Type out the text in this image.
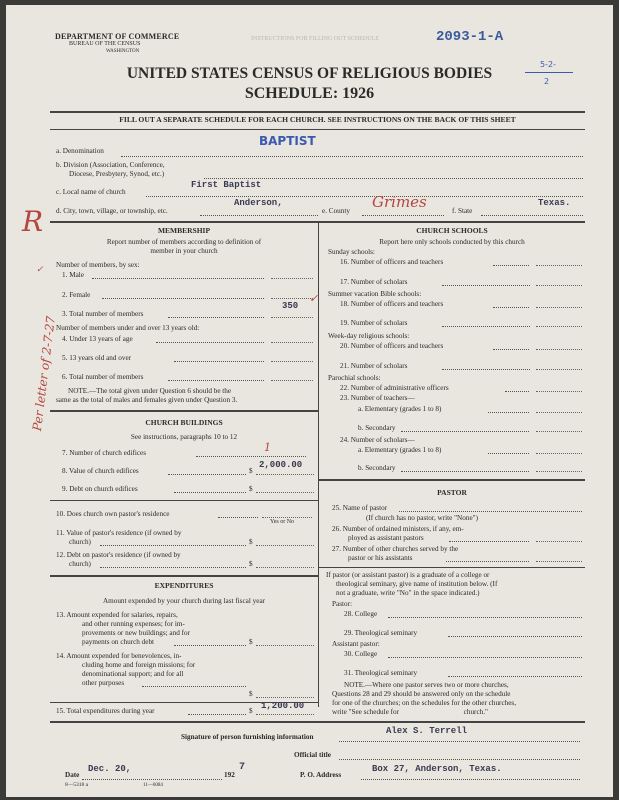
DEPARTMENT OF COMMERCE
BUREAU OF THE CENSUS
WASHINGTON
INSTRUCTIONS FOR FILLING OUT SCHEDULE	2093-1-A
5-2-
2
UNITED STATES CENSUS OF RELIGIOUS BODIES
SCHEDULE: 1926
FILL OUT A SEPARATE SCHEDULE FOR EACH CHURCH. SEE INSTRUCTIONS ON THE BACK OF THIS SHEET
a. Denomination
BAPTIST
b. Division (Association, Conference,
Diocese, Presbytery, Synod, etc.)
c. Local name of church
First Baptist
d. City, town, village, or township, etc.
Anderson,
e. County Grimes	f. State
Texas.
MEMBERSHIP
Report number of members according to definition of
member in your church
Number of members, by sex:
1. Male
2. Female
3. Total number of members
350
✓
Number of members under and over 13 years old:
4. Under 13 years of age
5. 13 years old and over
6. Total number of members
NOTE.—The total given under Question 6 should be the
same as the total of males and females given under Question 3.
CHURCH BUILDINGS
See instructions, paragraphs 10 to 12
7. Number of church edifices	1
8. Value of church edifices	$
2,000.00
9. Debt on church edifices	$
10. Does church own pastor's residence
Yes or No
11. Value of pastor's residence (if owned by
church)	$
12. Debt on pastor's residence (if owned by
church)	$
EXPENDITURES
Amount expended by your church during last fiscal year
13. Amount expended for salaries, repairs,
and other running expenses; for im-
provements or new buildings; and for
payments on church debt	$
14. Amount expended for benevolences, in-
cluding home and foreign missions; for
denominational support; and for all
other purposes
$
15. Total expenditures during year	$ 1,200.00
CHURCH SCHOOLS
Report here only schools conducted by this church
Sunday schools:
16. Number of officers and teachers
17. Number of scholars
Summer vacation Bible schools:
18. Number of officers and teachers
19. Number of scholars
Week-day religious schools:
20. Number of officers and teachers
21. Number of scholars
Parochial schools:
22. Number of administrative officers
23. Number of teachers—
a. Elementary (grades 1 to 8)
b. Secondary
24. Number of scholars—
a. Elementary (grades 1 to 8)
b. Secondary
PASTOR
25. Name of pastor
(If church has no pastor, write "None")
26. Number of ordained ministers, if any, em-
ployed as assistant pastors
27. Number of other churches served by the
pastor or his assistants
If pastor (or assistant pastor) is a graduate of a college or
theological seminary, give name of institution below. (If
not a graduate, write "No" in the space indicated.)
Pastor:
28. College
29. Theological seminary
Assistant pastor:
30. College
31. Theological seminary
NOTE.—Where one pastor serves two or more churches,
Questions 28 and 29 should be answered only on the schedule
for one of the churches; on the schedules for the other churches,
write "See schedule for                                    church."
Signature of person furnishing information
Alex S. Terrell
Official title
Date
Dec. 20,
192
7
P. O. Address
Box 27, Anderson, Texas.
8—5318 a	11—6084
R
✓
Per letter of 2-7-27
